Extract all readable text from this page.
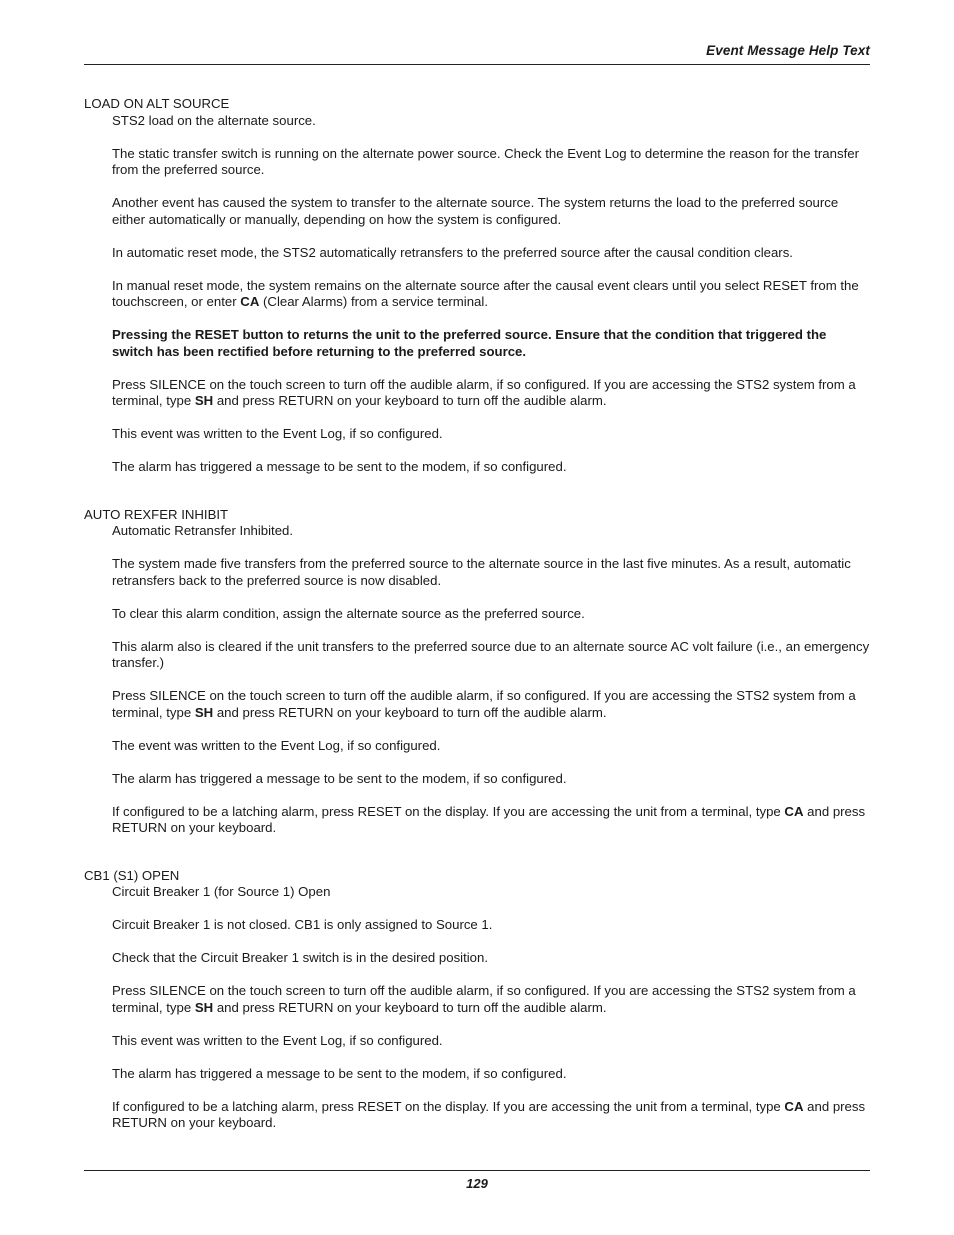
Event Message Help Text
LOAD ON ALT SOURCE

STS2 load on the alternate source.

The static transfer switch is running on the alternate power source. Check the Event Log to determine the reason for the transfer from the preferred source.

Another event has caused the system to transfer to the alternate source. The system returns the load to the preferred source either automatically or manually, depending on how the system is configured.

In automatic reset mode, the STS2 automatically retransfers to the preferred source after the causal condition clears.

In manual reset mode, the system remains on the alternate source after the causal event clears until you select RESET from the touchscreen, or enter CA (Clear Alarms) from a service terminal.

Pressing the RESET button to returns the unit to the preferred source. Ensure that the condition that triggered the switch has been rectified before returning to the preferred source.

Press SILENCE on the touch screen to turn off the audible alarm, if so configured. If you are accessing the STS2 system from a terminal, type SH and press RETURN on your keyboard to turn off the audible alarm.

This event was written to the Event Log, if so configured.

The alarm has triggered a message to be sent to the modem, if so configured.

AUTO REXFER INHIBIT

Automatic Retransfer Inhibited.

The system made five transfers from the preferred source to the alternate source in the last five minutes. As a result, automatic retransfers back to the preferred source is now disabled.

To clear this alarm condition, assign the alternate source as the preferred source.

This alarm also is cleared if the unit transfers to the preferred source due to an alternate source AC volt failure (i.e., an emergency transfer.)

Press SILENCE on the touch screen to turn off the audible alarm, if so configured. If you are accessing the STS2 system from a terminal, type SH and press RETURN on your keyboard to turn off the audible alarm.

The event was written to the Event Log, if so configured.

The alarm has triggered a message to be sent to the modem, if so configured.

If configured to be a latching alarm, press RESET on the display. If you are accessing the unit from a terminal, type CA and press RETURN on your keyboard.

CB1 (S1) OPEN

Circuit Breaker 1 (for Source 1) Open

Circuit Breaker 1 is not closed. CB1 is only assigned to Source 1.

Check that the Circuit Breaker 1 switch is in the desired position.

Press SILENCE on the touch screen to turn off the audible alarm, if so configured. If you are accessing the STS2 system from a terminal, type SH and press RETURN on your keyboard to turn off the audible alarm.

This event was written to the Event Log, if so configured.

The alarm has triggered a message to be sent to the modem, if so configured.

If configured to be a latching alarm, press RESET on the display. If you are accessing the unit from a terminal, type CA and press RETURN on your keyboard.

129
